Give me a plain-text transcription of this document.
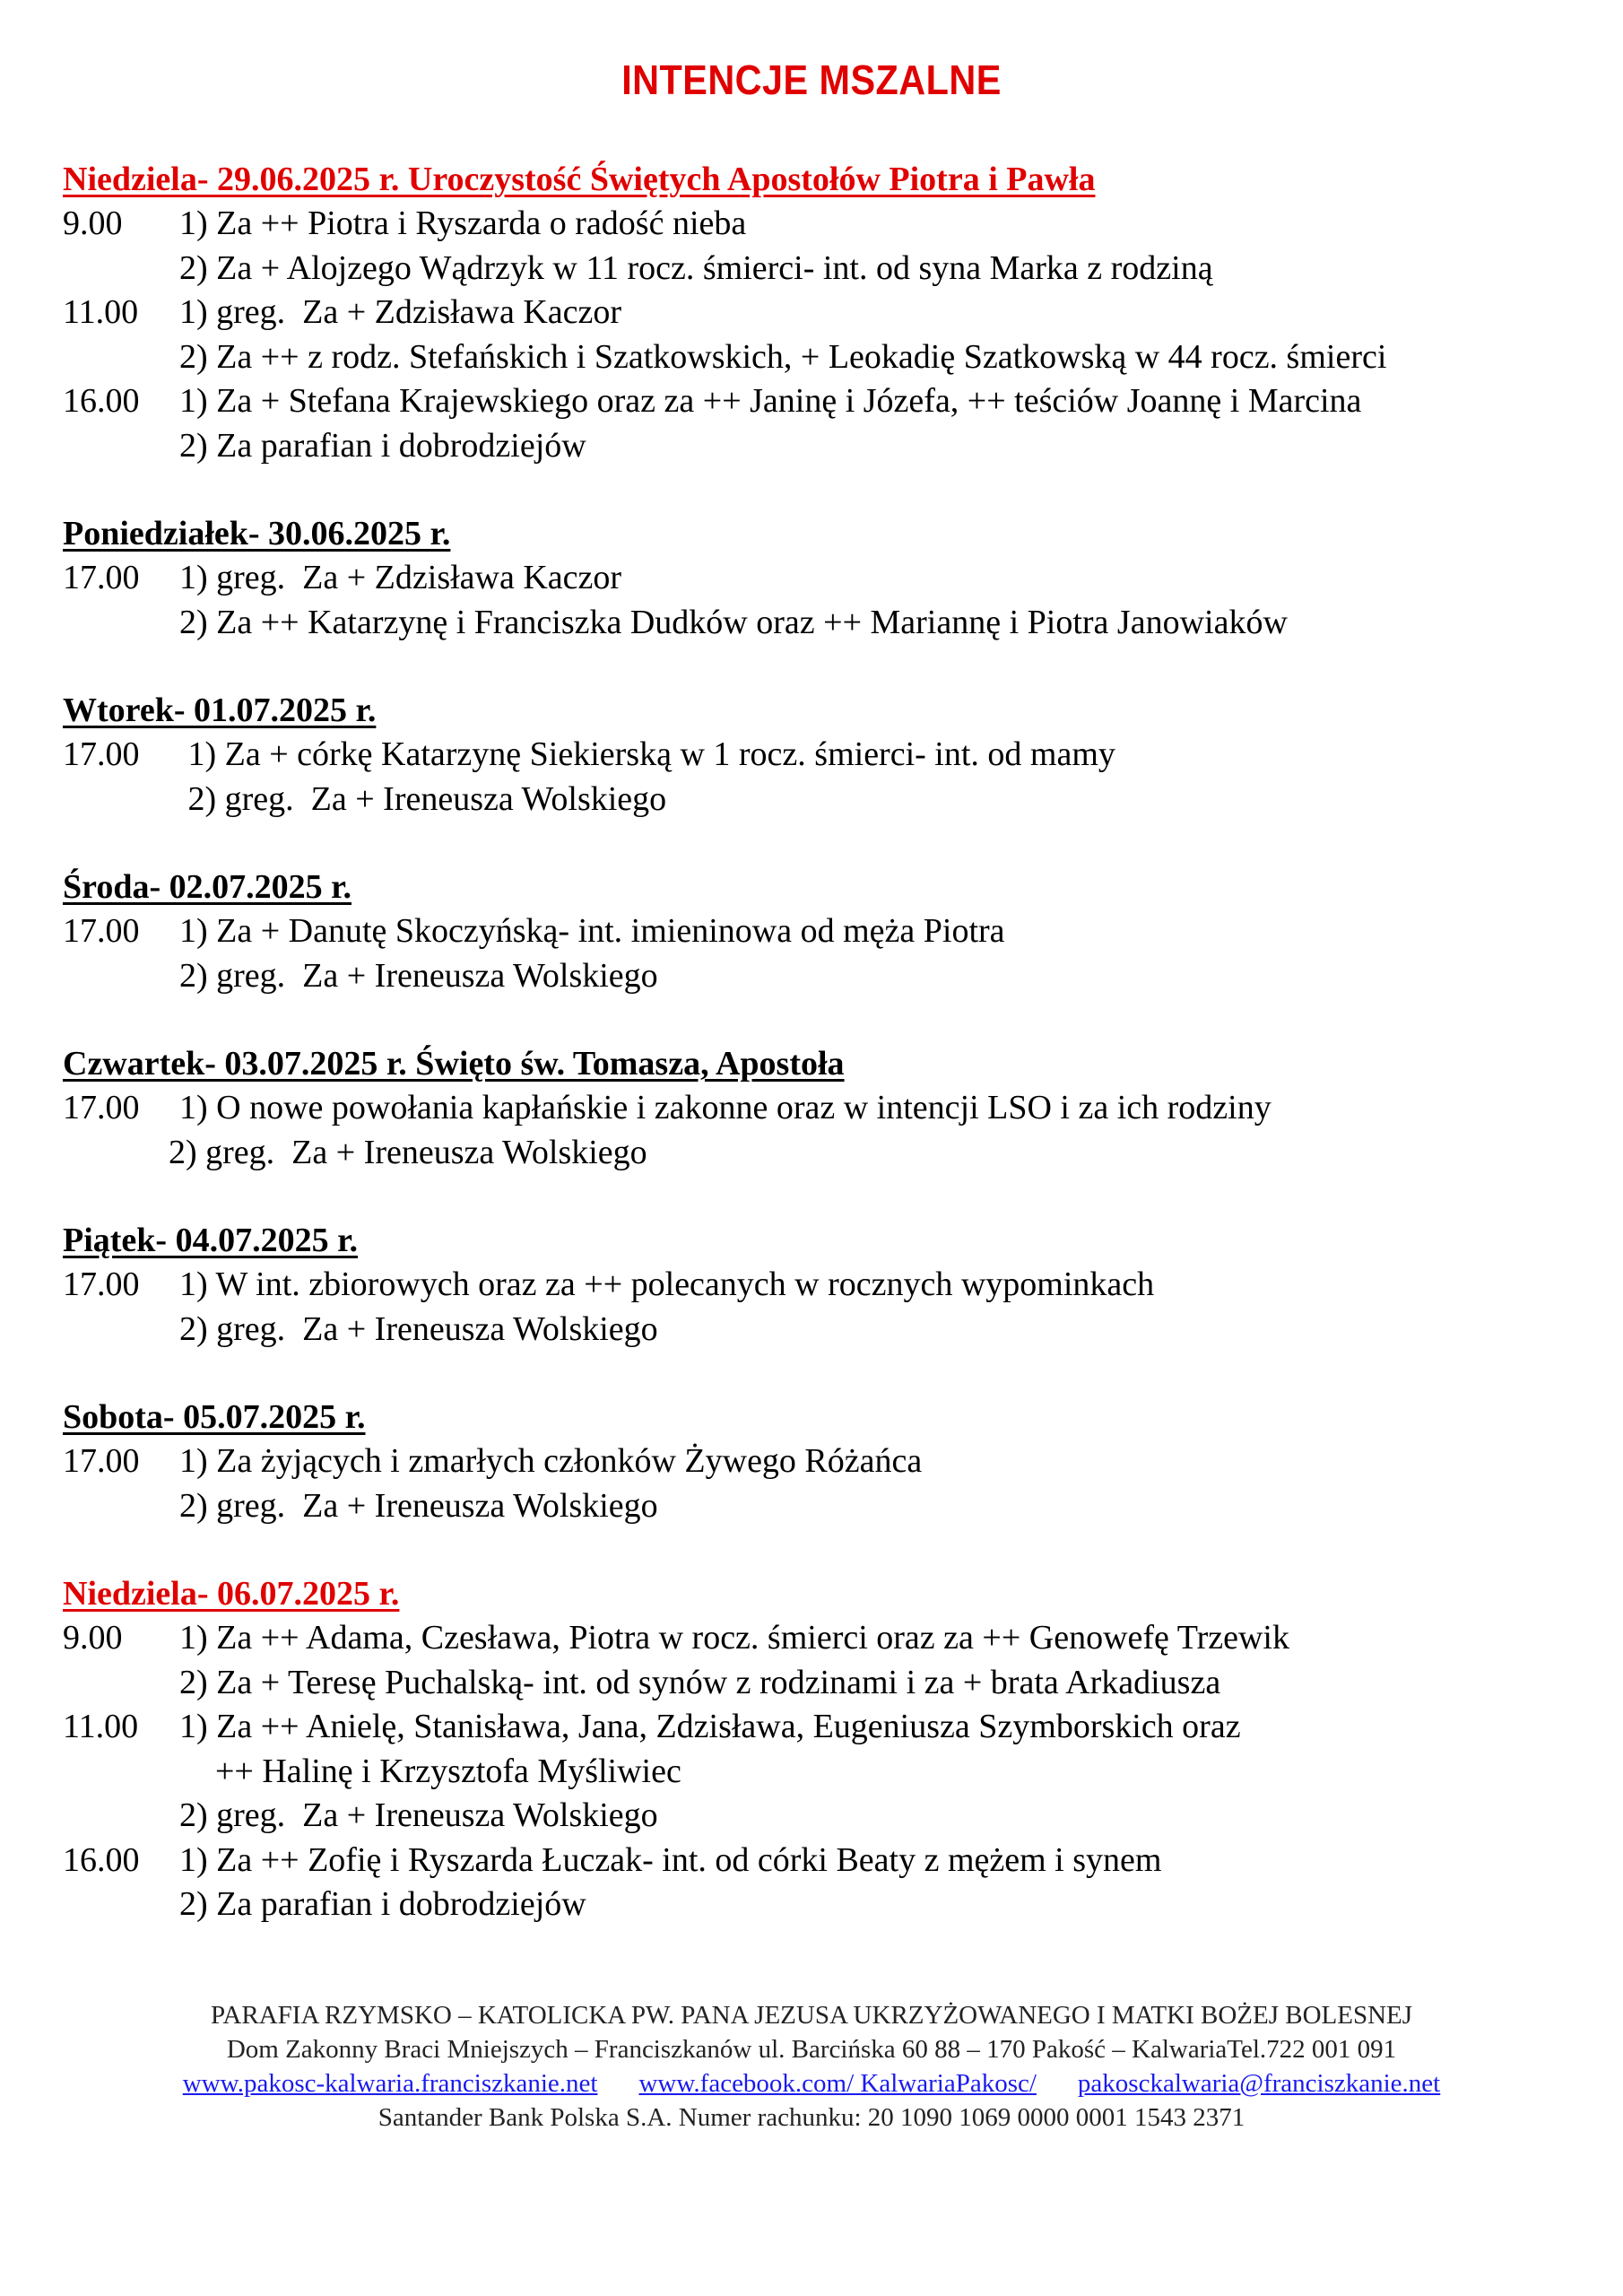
INTENCJE MSZALNE
Niedziela- 29.06.2025 r. Uroczystość Świętych Apostołów Piotra i Pawła
9.00	1) Za ++ Piotra i Ryszarda o radość nieba
2) Za + Alojzego Wądrzyk w 11 rocz. śmierci- int. od syna Marka z rodziną
11.00	1) greg.  Za + Zdzisława Kaczor
2) Za ++ z rodz. Stefańskich i Szatkowskich, + Leokadię Szatkowską w 44 rocz. śmierci
16.00	1) Za + Stefana Krajewskiego oraz za ++ Janinę i Józefa, ++ teściów Joannę i Marcina
2) Za parafian i dobrodziejów
Poniedziałek- 30.06.2025 r.
17.00	1) greg.  Za + Zdzisława Kaczor
2) Za ++ Katarzynę i Franciszka Dudków oraz ++ Mariannę i Piotra Janowiaków
Wtorek- 01.07.2025 r.
17.00	1) Za + córkę Katarzynę Siekierską w 1 rocz. śmierci- int. od mamy
2) greg.  Za + Ireneusza Wolskiego
Środa- 02.07.2025 r.
17.00	1) Za + Danutę Skoczyńską- int. imieninowa od męża Piotra
2) greg.  Za + Ireneusza Wolskiego
Czwartek- 03.07.2025 r. Święto św. Tomasza, Apostoła
17.00	1) O nowe powołania kapłańskie i zakonne oraz w intencji LSO i za ich rodziny
2) greg.  Za + Ireneusza Wolskiego
Piątek- 04.07.2025 r.
17.00	1) W int. zbiorowych oraz za ++ polecanych w rocznych wypominkach
2) greg.  Za + Ireneusza Wolskiego
Sobota- 05.07.2025 r.
17.00	1) Za żyjących i zmarłych członków Żywego Różańca
2) greg.  Za + Ireneusza Wolskiego
Niedziela- 06.07.2025 r.
9.00	1) Za ++ Adama, Czesława, Piotra w rocz. śmierci oraz za ++ Genowefę Trzewik
2) Za + Teresę Puchalską- int. od synów z rodzinami i za + brata Arkadiusza
11.00	1) Za ++ Anielę, Stanisława, Jana, Zdzisława, Eugeniusza Szymborskich oraz
++ Halinę i Krzysztofa Myśliwiec
2) greg.  Za + Ireneusza Wolskiego
16.00	1) Za ++ Zofię i Ryszarda Łuczak- int. od córki Beaty z mężem i synem
2) Za parafian i dobrodziejów
PARAFIA RZYMSKO – KATOLICKA PW. PANA JEZUSA UKRZYŻOWANEGO I MATKI BOŻEJ BOLESNEJ
Dom Zakonny Braci Mniejszych – Franciszkanów ul. Barcińska 60 88 – 170 Pakość – KalwariaTel.722 001 091
www.pakosc-kalwaria.franciszkanie.net www.facebook.com/ KalwariaPakosc/ pakosckalwaria@franciszkanie.net
Santander Bank Polska S.A. Numer rachunku: 20 1090 1069 0000 0001 1543 2371
